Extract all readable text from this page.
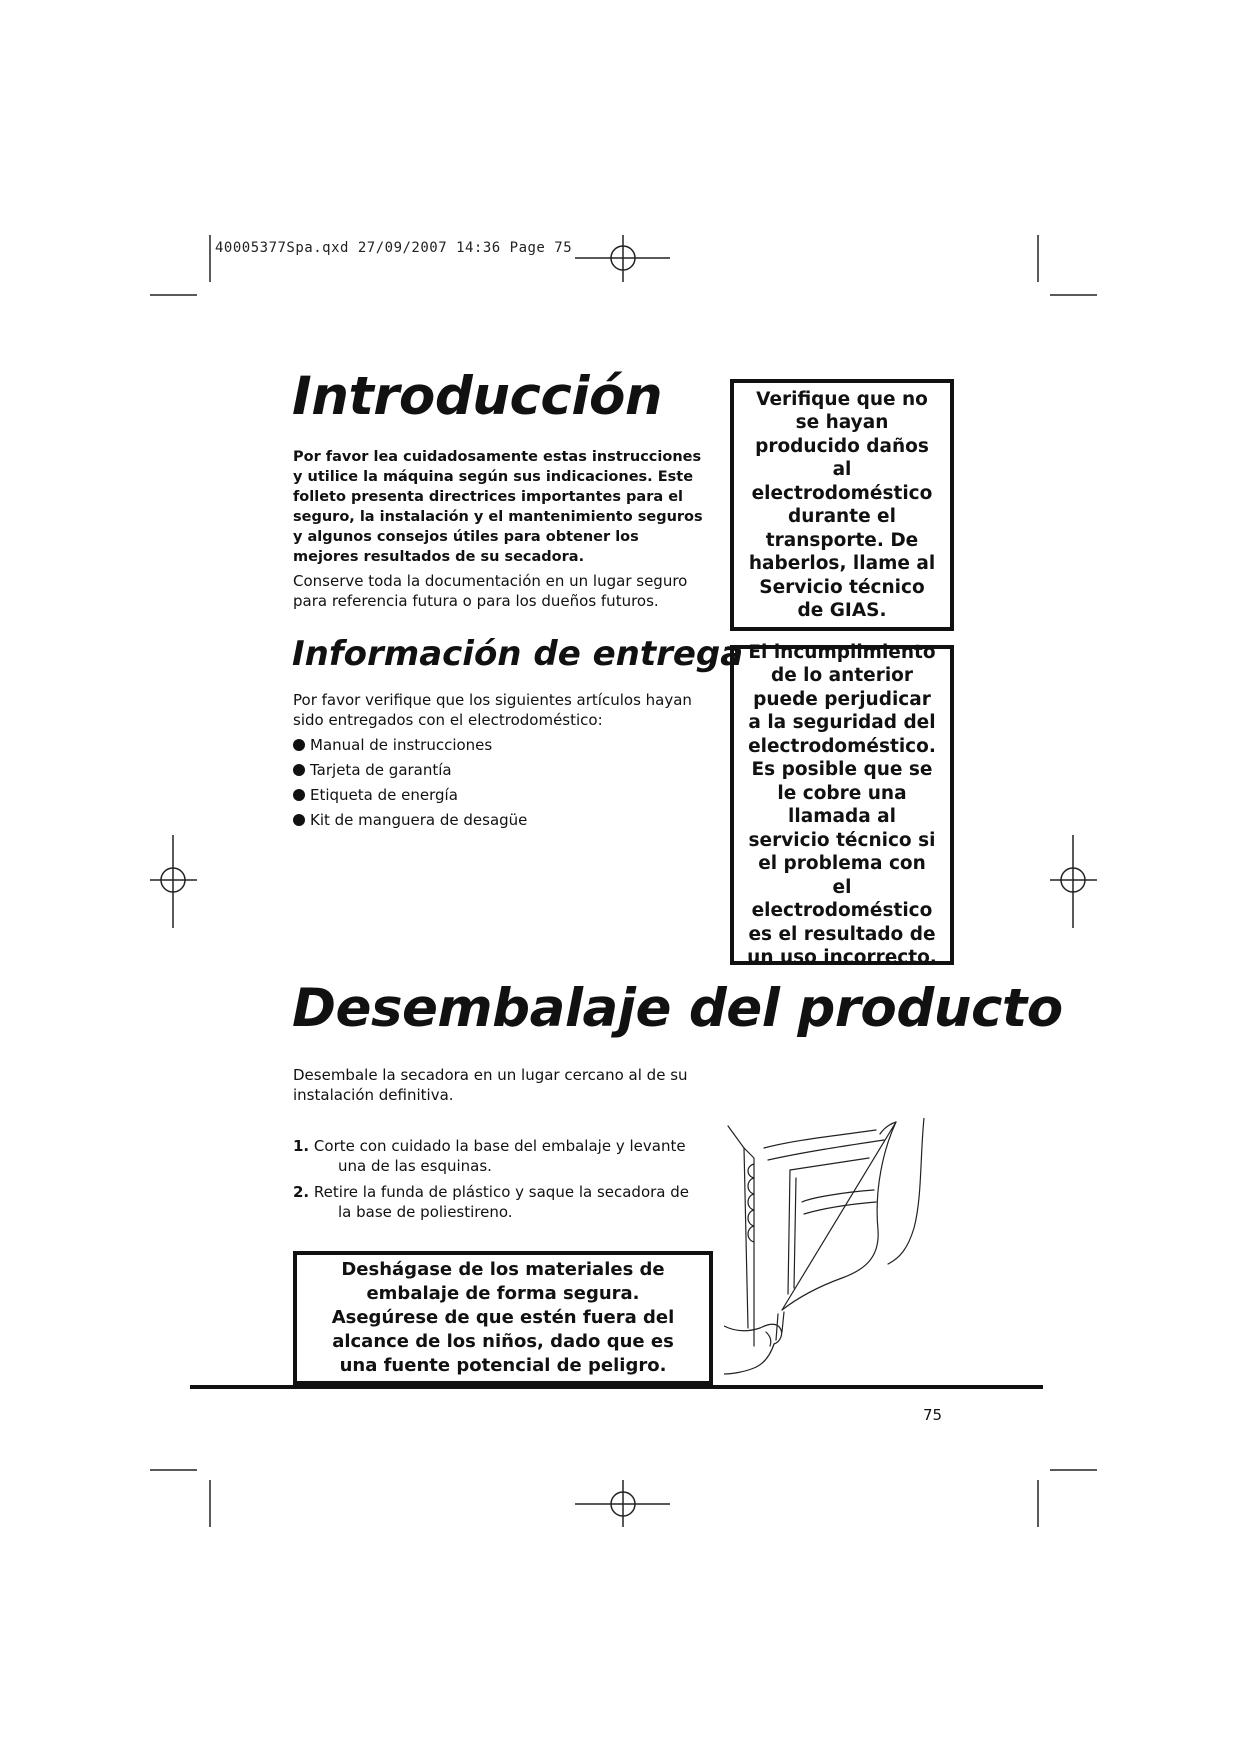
40005377Spa.qxd 27/09/2007 14:36 Page 75
Introducción

Por favor lea cuidadosamente estas instrucciones y utilice la máquina según sus indicaciones. Este folleto presenta directrices importantes para el seguro, la instalación y el mantenimiento seguros y algunos consejos útiles para obtener los mejores resultados de su secadora.

Conserve toda la documentación en un lugar seguro para referencia futura o para los dueños futuros.

Información de entrega

Por favor verifique que los siguientes artículos hayan sido entregados con el electrodoméstico:

Manual de instrucciones
Tarjeta de garantía
Etiqueta de energía
Kit de manguera de desagüe
Verifique que no se hayan producido daños al electrodoméstico durante el transporte. De haberlos, llame al Servicio técnico de GIAS.
El incumplimiento de lo anterior puede perjudicar a la seguridad del electrodoméstico. Es posible que se le cobre una llamada al servicio técnico si el problema con el electrodoméstico es el resultado de un uso incorrecto.
Desembalaje del producto

Desembale la secadora en un lugar cercano al de su instalación definitiva.

1. Corte con cuidado la base del embalaje y levante una de las esquinas.
2. Retire la funda de plástico y saque la secadora de la base de poliestireno.
Deshágase de los materiales de embalaje de forma segura. Asegúrese de que estén fuera del alcance de los niños, dado que es una fuente potencial de peligro.
75
